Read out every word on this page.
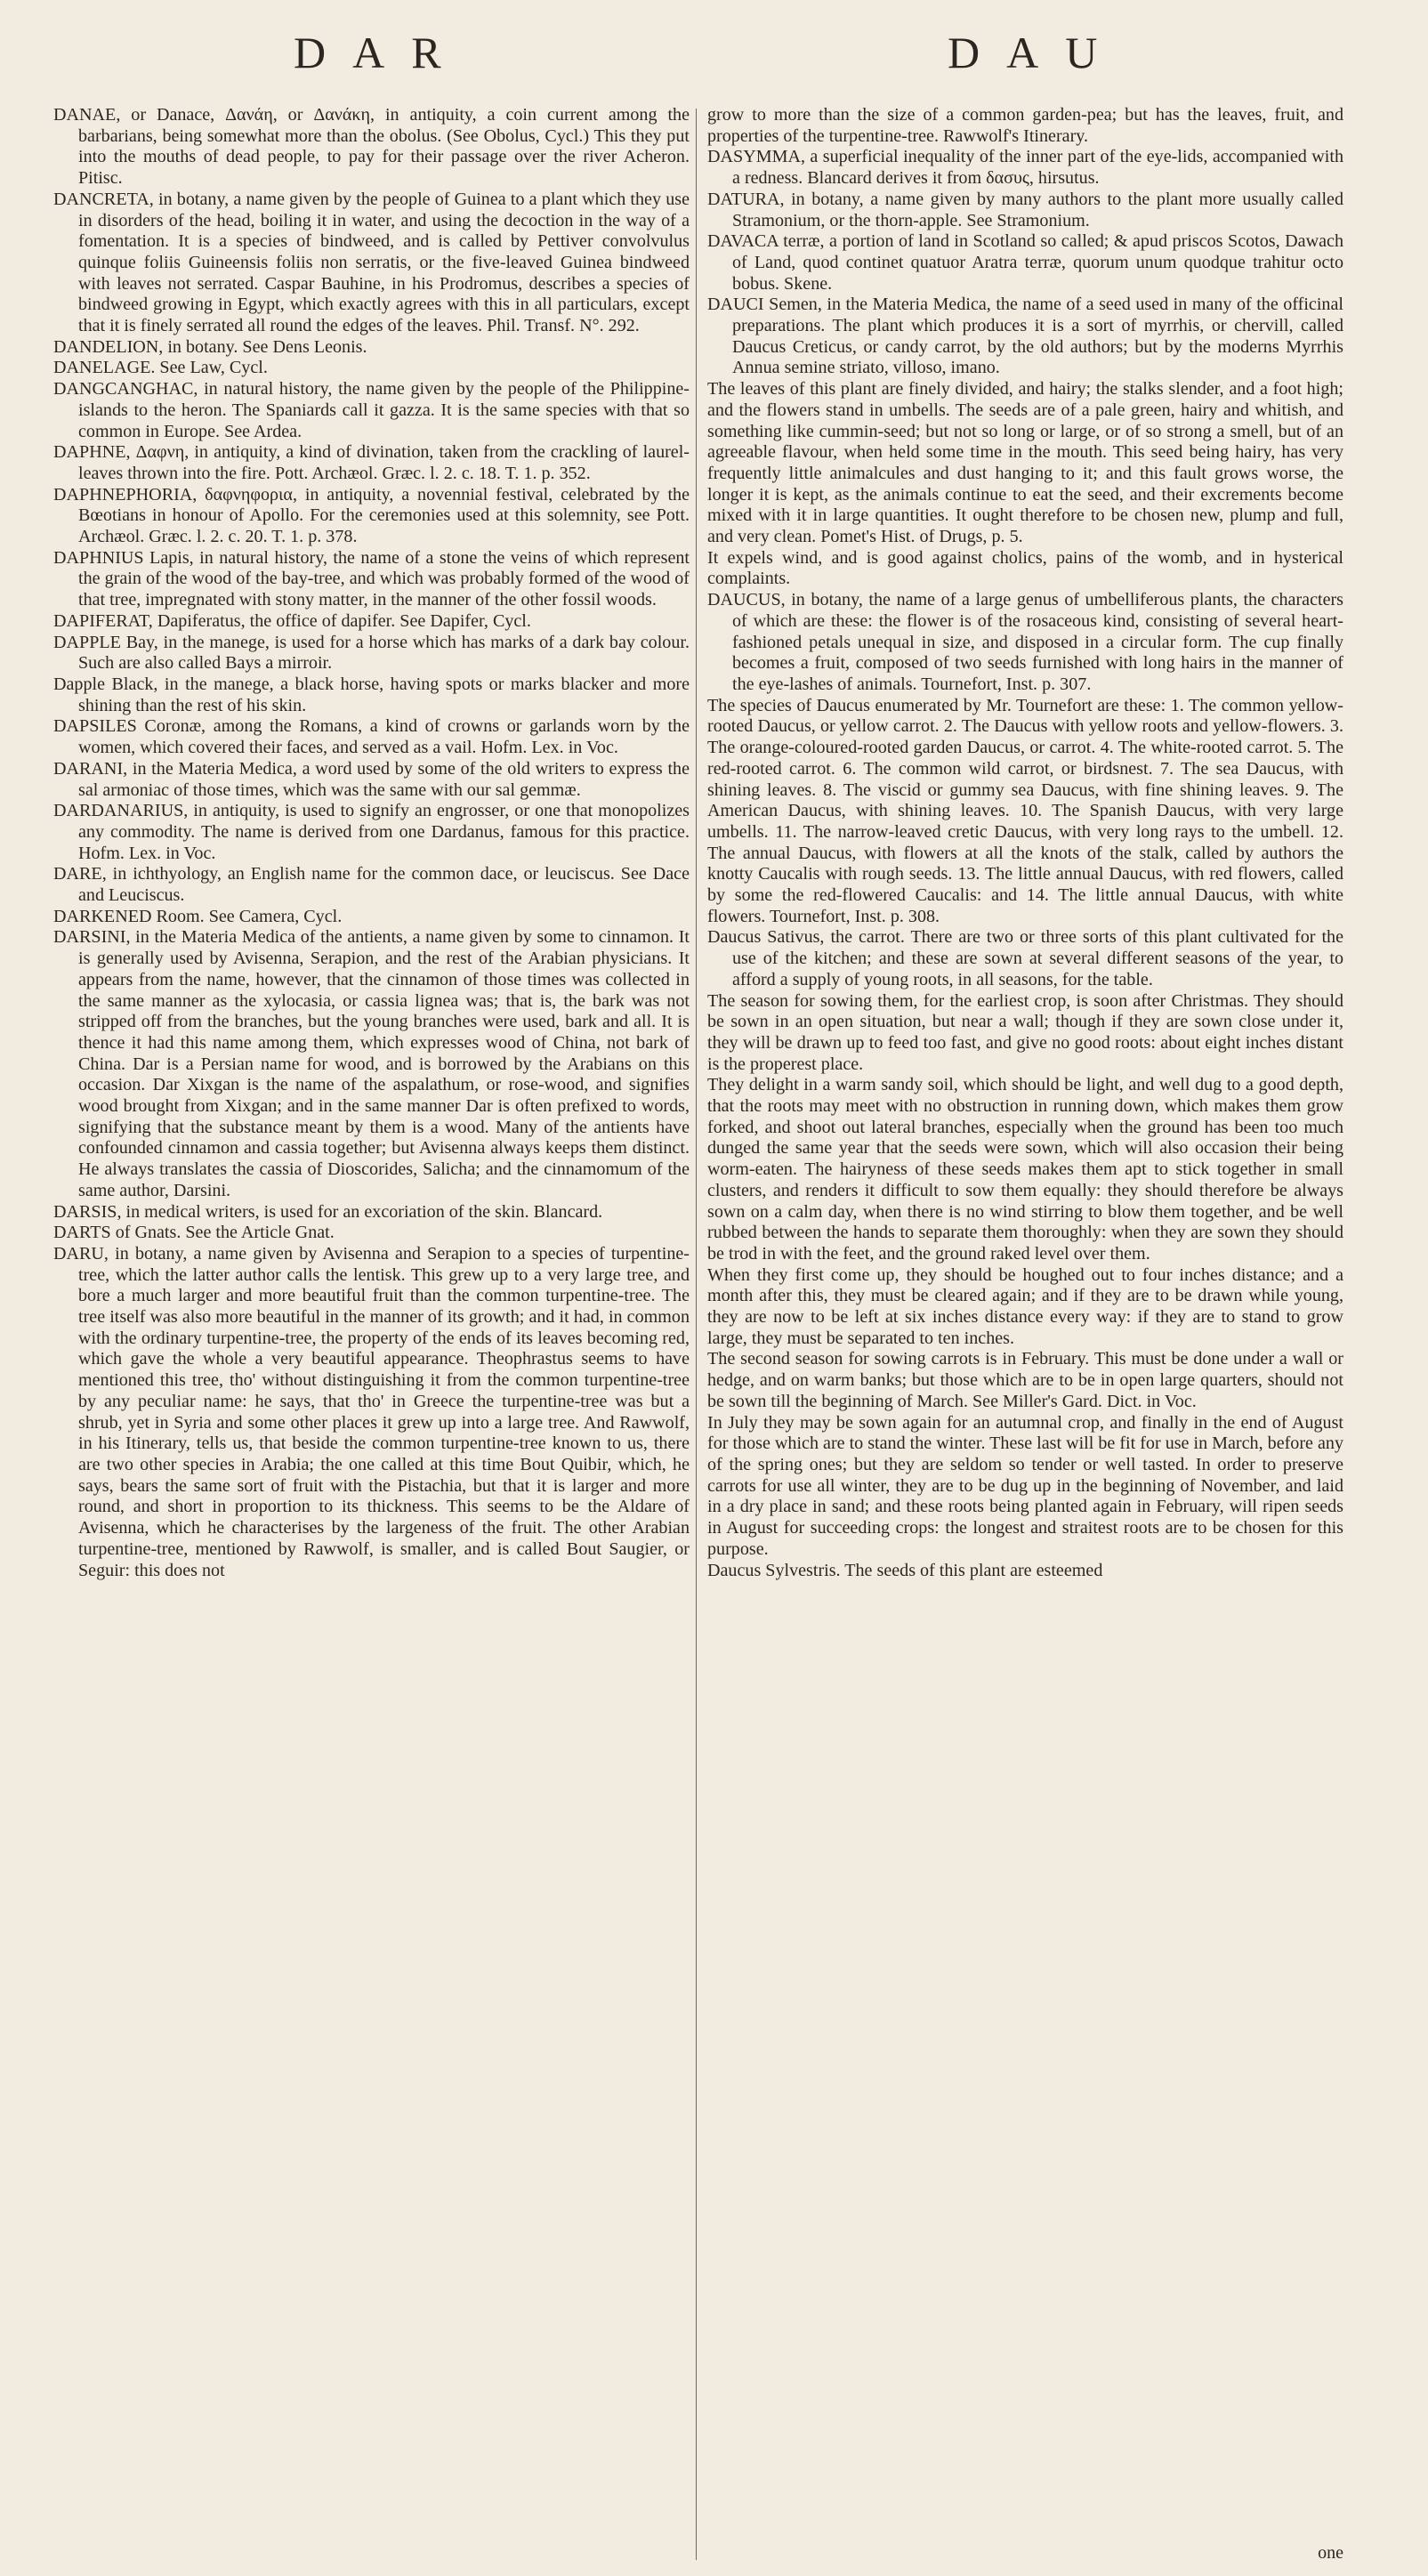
DAR	DAU

DANAE, or Danace, Δανάη, or Δανάκη, in antiquity, a coin current among the barbarians, being somewhat more than the obolus. (See Obolus, Cycl.) This they put into the mouths of dead people, to pay for their passage over the river Acheron. Pitisc.

DANCRETA, in botany, a name given by the people of Guinea to a plant which they use in disorders of the head, boiling it in water, and using the decoction in the way of a fomentation. It is a species of bindweed, and is called by Pettiver convolvulus quinque foliis Guineensis foliis non serratis, or the five-leaved Guinea bindweed with leaves not serrated. Caspar Bauhine, in his Prodromus, describes a species of bindweed growing in Egypt, which exactly agrees with this in all particulars, except that it is finely serrated all round the edges of the leaves. Phil. Transf. N°. 292.

DANDELION, in botany. See Dens Leonis.

DANELAGE. See Law, Cycl.

DANGCANGHAC, in natural history, the name given by the people of the Philippine-islands to the heron. The Spaniards call it gazza. It is the same species with that so common in Europe. See Ardea.

DAPHNE, Δαφνη, in antiquity, a kind of divination, taken from the crackling of laurel-leaves thrown into the fire. Pott. Archæol. Græc. l. 2. c. 18. T. 1. p. 352.

DAPHNEPHORIA, δαφνηφορια, in antiquity, a novennial festival, celebrated by the Bœotians in honour of Apollo. For the ceremonies used at this solemnity, see Pott. Archæol. Græc. l. 2. c. 20. T. 1. p. 378.

DAPHNIUS Lapis, in natural history, the name of a stone the veins of which represent the grain of the wood of the bay-tree, and which was probably formed of the wood of that tree, impregnated with stony matter, in the manner of the other fossil woods.

DAPIFERAT, Dapiferatus, the office of dapifer. See Dapifer, Cycl.

DAPPLE Bay, in the manege, is used for a horse which has marks of a dark bay colour. Such are also called Bays a mirroir.

Dapple Black, in the manege, a black horse, having spots or marks blacker and more shining than the rest of his skin.

DAPSILES Coronæ, among the Romans, a kind of crowns or garlands worn by the women, which covered their faces, and served as a vail. Hofm. Lex. in Voc.

DARANI, in the Materia Medica, a word used by some of the old writers to express the sal armoniac of those times, which was the same with our sal gemmæ.

DARDANARIUS, in antiquity, is used to signify an engrosser, or one that monopolizes any commodity. The name is derived from one Dardanus, famous for this practice. Hofm. Lex. in Voc.

DARE, in ichthyology, an English name for the common dace, or leuciscus. See Dace and Leuciscus.

DARKENED Room. See Camera, Cycl.

DARSINI, in the Materia Medica of the antients, a name given by some to cinnamon. It is generally used by Avisenna, Serapion, and the rest of the Arabian physicians. It appears from the name, however, that the cinnamon of those times was collected in the same manner as the xylocasia, or cassia lignea was; that is, the bark was not stripped off from the branches, but the young branches were used, bark and all. It is thence it had this name among them, which expresses wood of China, not bark of China. Dar is a Persian name for wood, and is borrowed by the Arabians on this occasion. Dar Xixgan is the name of the aspalathum, or rose-wood, and signifies wood brought from Xixgan; and in the same manner Dar is often prefixed to words, signifying that the substance meant by them is a wood. Many of the antients have confounded cinnamon and cassia together; but Avisenna always keeps them distinct. He always translates the cassia of Dioscorides, Salicha; and the cinnamomum of the same author, Darsini.

DARSIS, in medical writers, is used for an excoriation of the skin. Blancard.

DARTS of Gnats. See the Article Gnat.

DARU, in botany, a name given by Avisenna and Serapion to a species of turpentine-tree, which the latter author calls the lentisk. This grew up to a very large tree, and bore a much larger and more beautiful fruit than the common turpentine-tree. The tree itself was also more beautiful in the manner of its growth; and it had, in common with the ordinary turpentine-tree, the property of the ends of its leaves becoming red, which gave the whole a very beautiful appearance. Theophrastus seems to have mentioned this tree, tho' without distinguishing it from the common turpentine-tree by any peculiar name: he says, that tho' in Greece the turpentine-tree was but a shrub, yet in Syria and some other places it grew up into a large tree. And Rawwolf, in his Itinerary, tells us, that beside the common turpentine-tree known to us, there are two other species in Arabia; the one called at this time Bout Quibir, which, he says, bears the same sort of fruit with the Pistachia, but that it is larger and more round, and short in proportion to its thickness. This seems to be the Aldare of Avisenna, which he characterises by the largeness of the fruit. The other Arabian turpentine-tree, mentioned by Rawwolf, is smaller, and is called Bout Saugier, or Seguir: this does not

grow to more than the size of a common garden-pea; but has the leaves, fruit, and properties of the turpentine-tree. Rawwolf's Itinerary.

DASYMMA, a superficial inequality of the inner part of the eye-lids, accompanied with a redness. Blancard derives it from δασυς, hirsutus.

DATURA, in botany, a name given by many authors to the plant more usually called Stramonium, or the thorn-apple. See Stramonium.

DAVACA terræ, a portion of land in Scotland so called; & apud priscos Scotos, Dawach of Land, quod continet quatuor Aratra terræ, quorum unum quodque trahitur octo bobus. Skene.

DAUCI Semen, in the Materia Medica, the name of a seed used in many of the officinal preparations. The plant which produces it is a sort of myrrhis, or chervill, called Daucus Creticus, or candy carrot, by the old authors; but by the moderns Myrrhis Annua semine striato, villoso, imano.

The leaves of this plant are finely divided, and hairy; the stalks slender, and a foot high; and the flowers stand in umbells. The seeds are of a pale green, hairy and whitish, and something like cummin-seed; but not so long or large, or of so strong a smell, but of an agreeable flavour, when held some time in the mouth. This seed being hairy, has very frequently little animalcules and dust hanging to it; and this fault grows worse, the longer it is kept, as the animals continue to eat the seed, and their excrements become mixed with it in large quantities. It ought therefore to be chosen new, plump and full, and very clean. Pomet's Hist. of Drugs, p. 5.

It expels wind, and is good against cholics, pains of the womb, and in hysterical complaints.

DAUCUS, in botany, the name of a large genus of umbelliferous plants, the characters of which are these: the flower is of the rosaceous kind, consisting of several heart-fashioned petals unequal in size, and disposed in a circular form. The cup finally becomes a fruit, composed of two seeds furnished with long hairs in the manner of the eye-lashes of animals. Tournefort, Inst. p. 307.

The species of Daucus enumerated by Mr. Tournefort are these: 1. The common yellow-rooted Daucus, or yellow carrot. 2. The Daucus with yellow roots and yellow-flowers. 3. The orange-coloured-rooted garden Daucus, or carrot. 4. The white-rooted carrot. 5. The red-rooted carrot. 6. The common wild carrot, or birdsnest. 7. The sea Daucus, with shining leaves. 8. The viscid or gummy sea Daucus, with fine shining leaves. 9. The American Daucus, with shining leaves. 10. The Spanish Daucus, with very large umbells. 11. The narrow-leaved cretic Daucus, with very long rays to the umbell. 12. The annual Daucus, with flowers at all the knots of the stalk, called by authors the knotty Caucalis with rough seeds. 13. The little annual Daucus, with red flowers, called by some the red-flowered Caucalis: and 14. The little annual Daucus, with white flowers. Tournefort, Inst. p. 308.

Daucus Sativus, the carrot. There are two or three sorts of this plant cultivated for the use of the kitchen; and these are sown at several different seasons of the year, to afford a supply of young roots, in all seasons, for the table.

The season for sowing them, for the earliest crop, is soon after Christmas. They should be sown in an open situation, but near a wall; though if they are sown close under it, they will be drawn up to feed too fast, and give no good roots: about eight inches distant is the properest place.

They delight in a warm sandy soil, which should be light, and well dug to a good depth, that the roots may meet with no obstruction in running down, which makes them grow forked, and shoot out lateral branches, especially when the ground has been too much dunged the same year that the seeds were sown, which will also occasion their being worm-eaten. The hairyness of these seeds makes them apt to stick together in small clusters, and renders it difficult to sow them equally: they should therefore be always sown on a calm day, when there is no wind stirring to blow them together, and be well rubbed between the hands to separate them thoroughly: when they are sown they should be trod in with the feet, and the ground raked level over them.

When they first come up, they should be houghed out to four inches distance; and a month after this, they must be cleared again; and if they are to be drawn while young, they are now to be left at six inches distance every way: if they are to stand to grow large, they must be separated to ten inches.

The second season for sowing carrots is in February. This must be done under a wall or hedge, and on warm banks; but those which are to be in open large quarters, should not be sown till the beginning of March. See Miller's Gard. Dict. in Voc.

In July they may be sown again for an autumnal crop, and finally in the end of August for those which are to stand the winter. These last will be fit for use in March, before any of the spring ones; but they are seldom so tender or well tasted. In order to preserve carrots for use all winter, they are to be dug up in the beginning of November, and laid in a dry place in sand; and these roots being planted again in February, will ripen seeds in August for succeeding crops: the longest and straitest roots are to be chosen for this purpose.

Daucus Sylvestris. The seeds of this plant are esteemed

one
